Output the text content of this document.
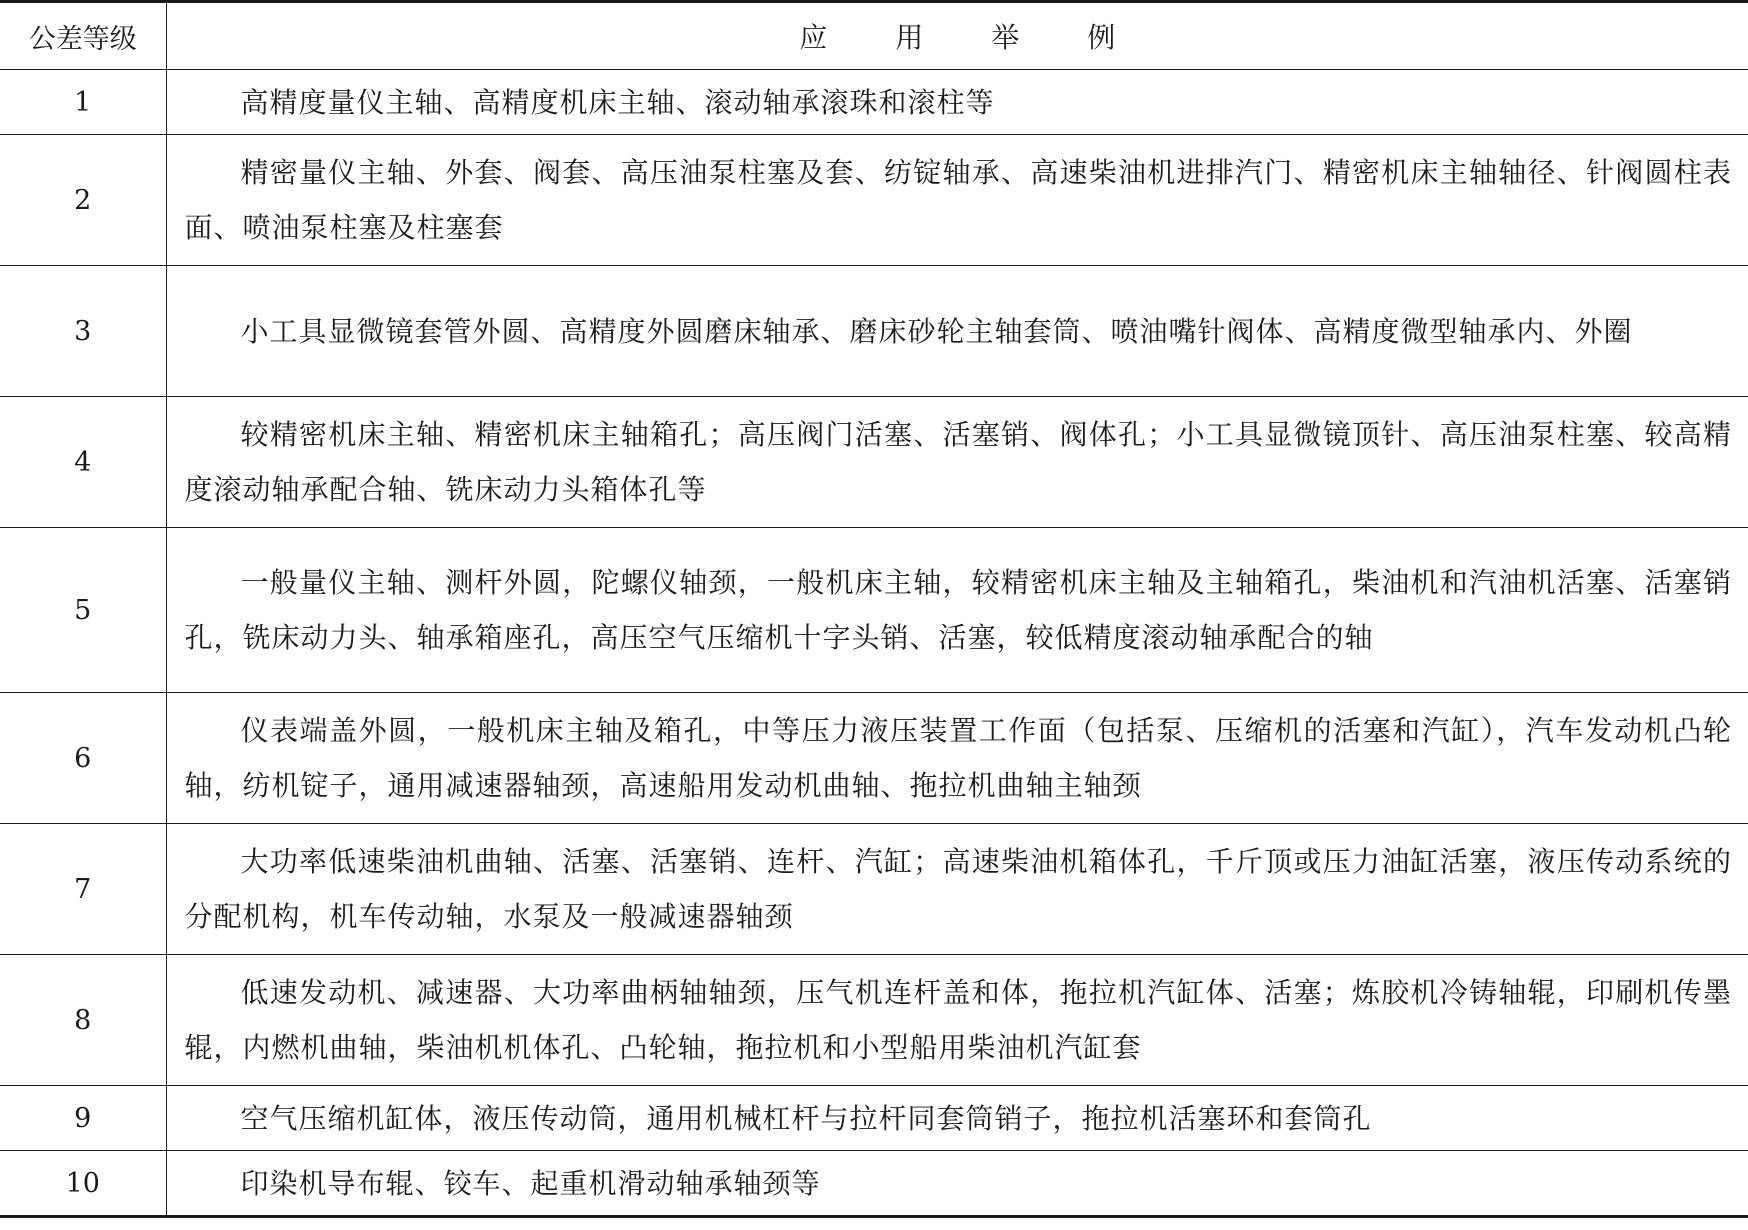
公差等级	应用举例
1	高精度量仪主轴、高精度机床主轴、滚动轴承滚珠和滚柱等
2	精密量仪主轴、外套、阀套、高压油泵柱塞及套、纺锭轴承、高速柴油机进排汽门、精密机床主轴轴径、针阀圆柱表面、喷油泵柱塞及柱塞套
3	小工具显微镜套管外圆、高精度外圆磨床轴承、磨床砂轮主轴套筒、喷油嘴针阀体、高精度微型轴承内、外圈
4	较精密机床主轴、精密机床主轴箱孔；高压阀门活塞、活塞销、阀体孔；小工具显微镜顶针、高压油泵柱塞、较高精度滚动轴承配合轴、铣床动力头箱体孔等
5	一般量仪主轴、测杆外圆，陀螺仪轴颈，一般机床主轴，较精密机床主轴及主轴箱孔，柴油机和汽油机活塞、活塞销孔，铣床动力头、轴承箱座孔，高压空气压缩机十字头销、活塞，较低精度滚动轴承配合的轴
6	仪表端盖外圆，一般机床主轴及箱孔，中等压力液压装置工作面（包括泵、压缩机的活塞和汽缸），汽车发动机凸轮轴，纺机锭子，通用减速器轴颈，高速船用发动机曲轴、拖拉机曲轴主轴颈
7	大功率低速柴油机曲轴、活塞、活塞销、连杆、汽缸；高速柴油机箱体孔，千斤顶或压力油缸活塞，液压传动系统的分配机构，机车传动轴，水泵及一般减速器轴颈
8	低速发动机、减速器、大功率曲柄轴轴颈，压气机连杆盖和体，拖拉机汽缸体、活塞；炼胶机冷铸轴辊，印刷机传墨辊，内燃机曲轴，柴油机机体孔、凸轮轴，拖拉机和小型船用柴油机汽缸套
9	空气压缩机缸体，液压传动筒，通用机械杠杆与拉杆同套筒销子，拖拉机活塞环和套筒孔
10	印染机导布辊、铰车、起重机滑动轴承轴颈等
